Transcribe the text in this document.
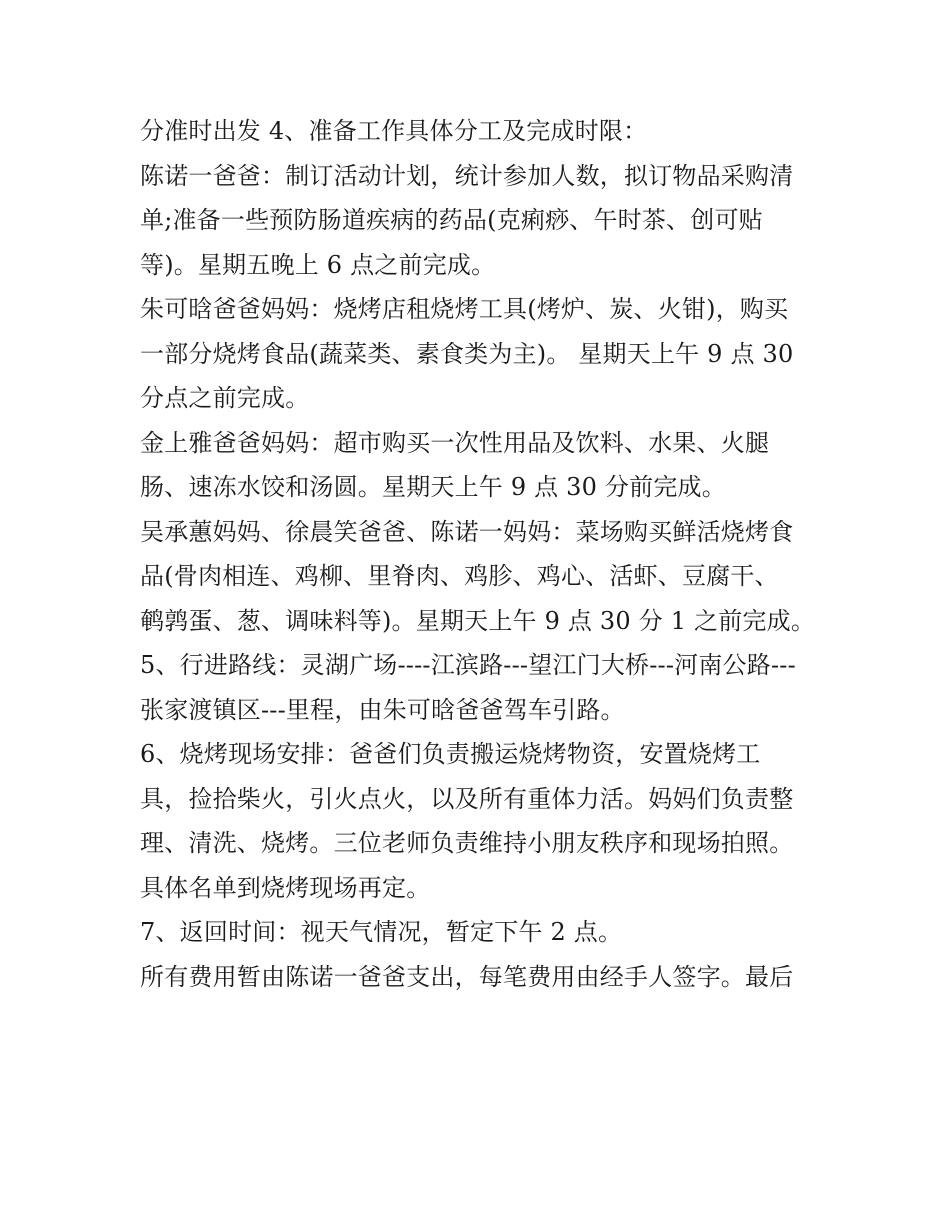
分准时出发 4、准备工作具体分工及完成时限：
陈诺一爸爸：制订活动计划，统计参加人数，拟订物品采购清
单;准备一些预防肠道疾病的药品(克痢痧、午时茶、创可贴
等)。星期五晚上 6 点之前完成。
朱可晗爸爸妈妈：烧烤店租烧烤工具(烤炉、炭、火钳)，购买
一部分烧烤食品(蔬菜类、素食类为主)。 星期天上午 9 点 30
分点之前完成。
金上雅爸爸妈妈：超市购买一次性用品及饮料、水果、火腿
肠、速冻水饺和汤圆。星期天上午 9 点 30 分前完成。
吴承蕙妈妈、徐晨笑爸爸、陈诺一妈妈：菜场购买鲜活烧烤食
品(骨肉相连、鸡柳、里脊肉、鸡胗、鸡心、活虾、豆腐干、
鹌鹑蛋、葱、调味料等)。星期天上午 9 点 30 分 1 之前完成。
5、行进路线：灵湖广场----江滨路---望江门大桥---河南公路---
张家渡镇区---里程，由朱可晗爸爸驾车引路。
6、烧烤现场安排：爸爸们负责搬运烧烤物资，安置烧烤工
具，捡拾柴火，引火点火，以及所有重体力活。妈妈们负责整
理、清洗、烧烤。三位老师负责维持小朋友秩序和现场拍照。
具体名单到烧烤现场再定。
7、返回时间：视天气情况，暂定下午 2 点。
所有费用暂由陈诺一爸爸支出，每笔费用由经手人签字。最后
